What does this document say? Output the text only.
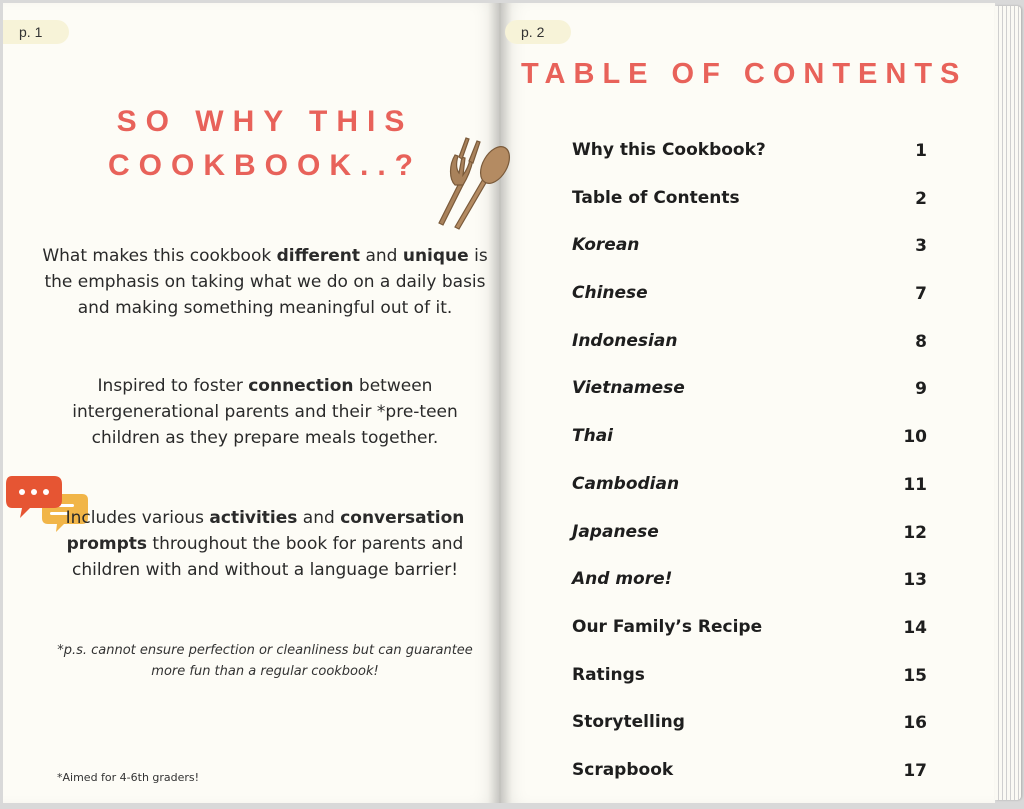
p. 1
SO WHY THIS
COOKBOOK..?
What makes this cookbook different and unique is the emphasis on taking what we do on a daily basis and making something meaningful out of it.
Inspired to foster connection between intergenerational parents and their *pre-teen children as they prepare meals together.
Includes various activities and conversation prompts throughout the book for parents and children with and without a language barrier!
*p.s. cannot ensure perfection or cleanliness but can guarantee more fun than a regular cookbook!
*Aimed for 4-6th graders!
p. 2
TABLE OF CONTENTS
Why this Cookbook?	1
Table of Contents	2
Korean	3
Chinese	7
Indonesian	8
Vietnamese	9
Thai	10
Cambodian	11
Japanese	12
And more!	13
Our Family’s Recipe	14
Ratings	15
Storytelling	16
Scrapbook	17
